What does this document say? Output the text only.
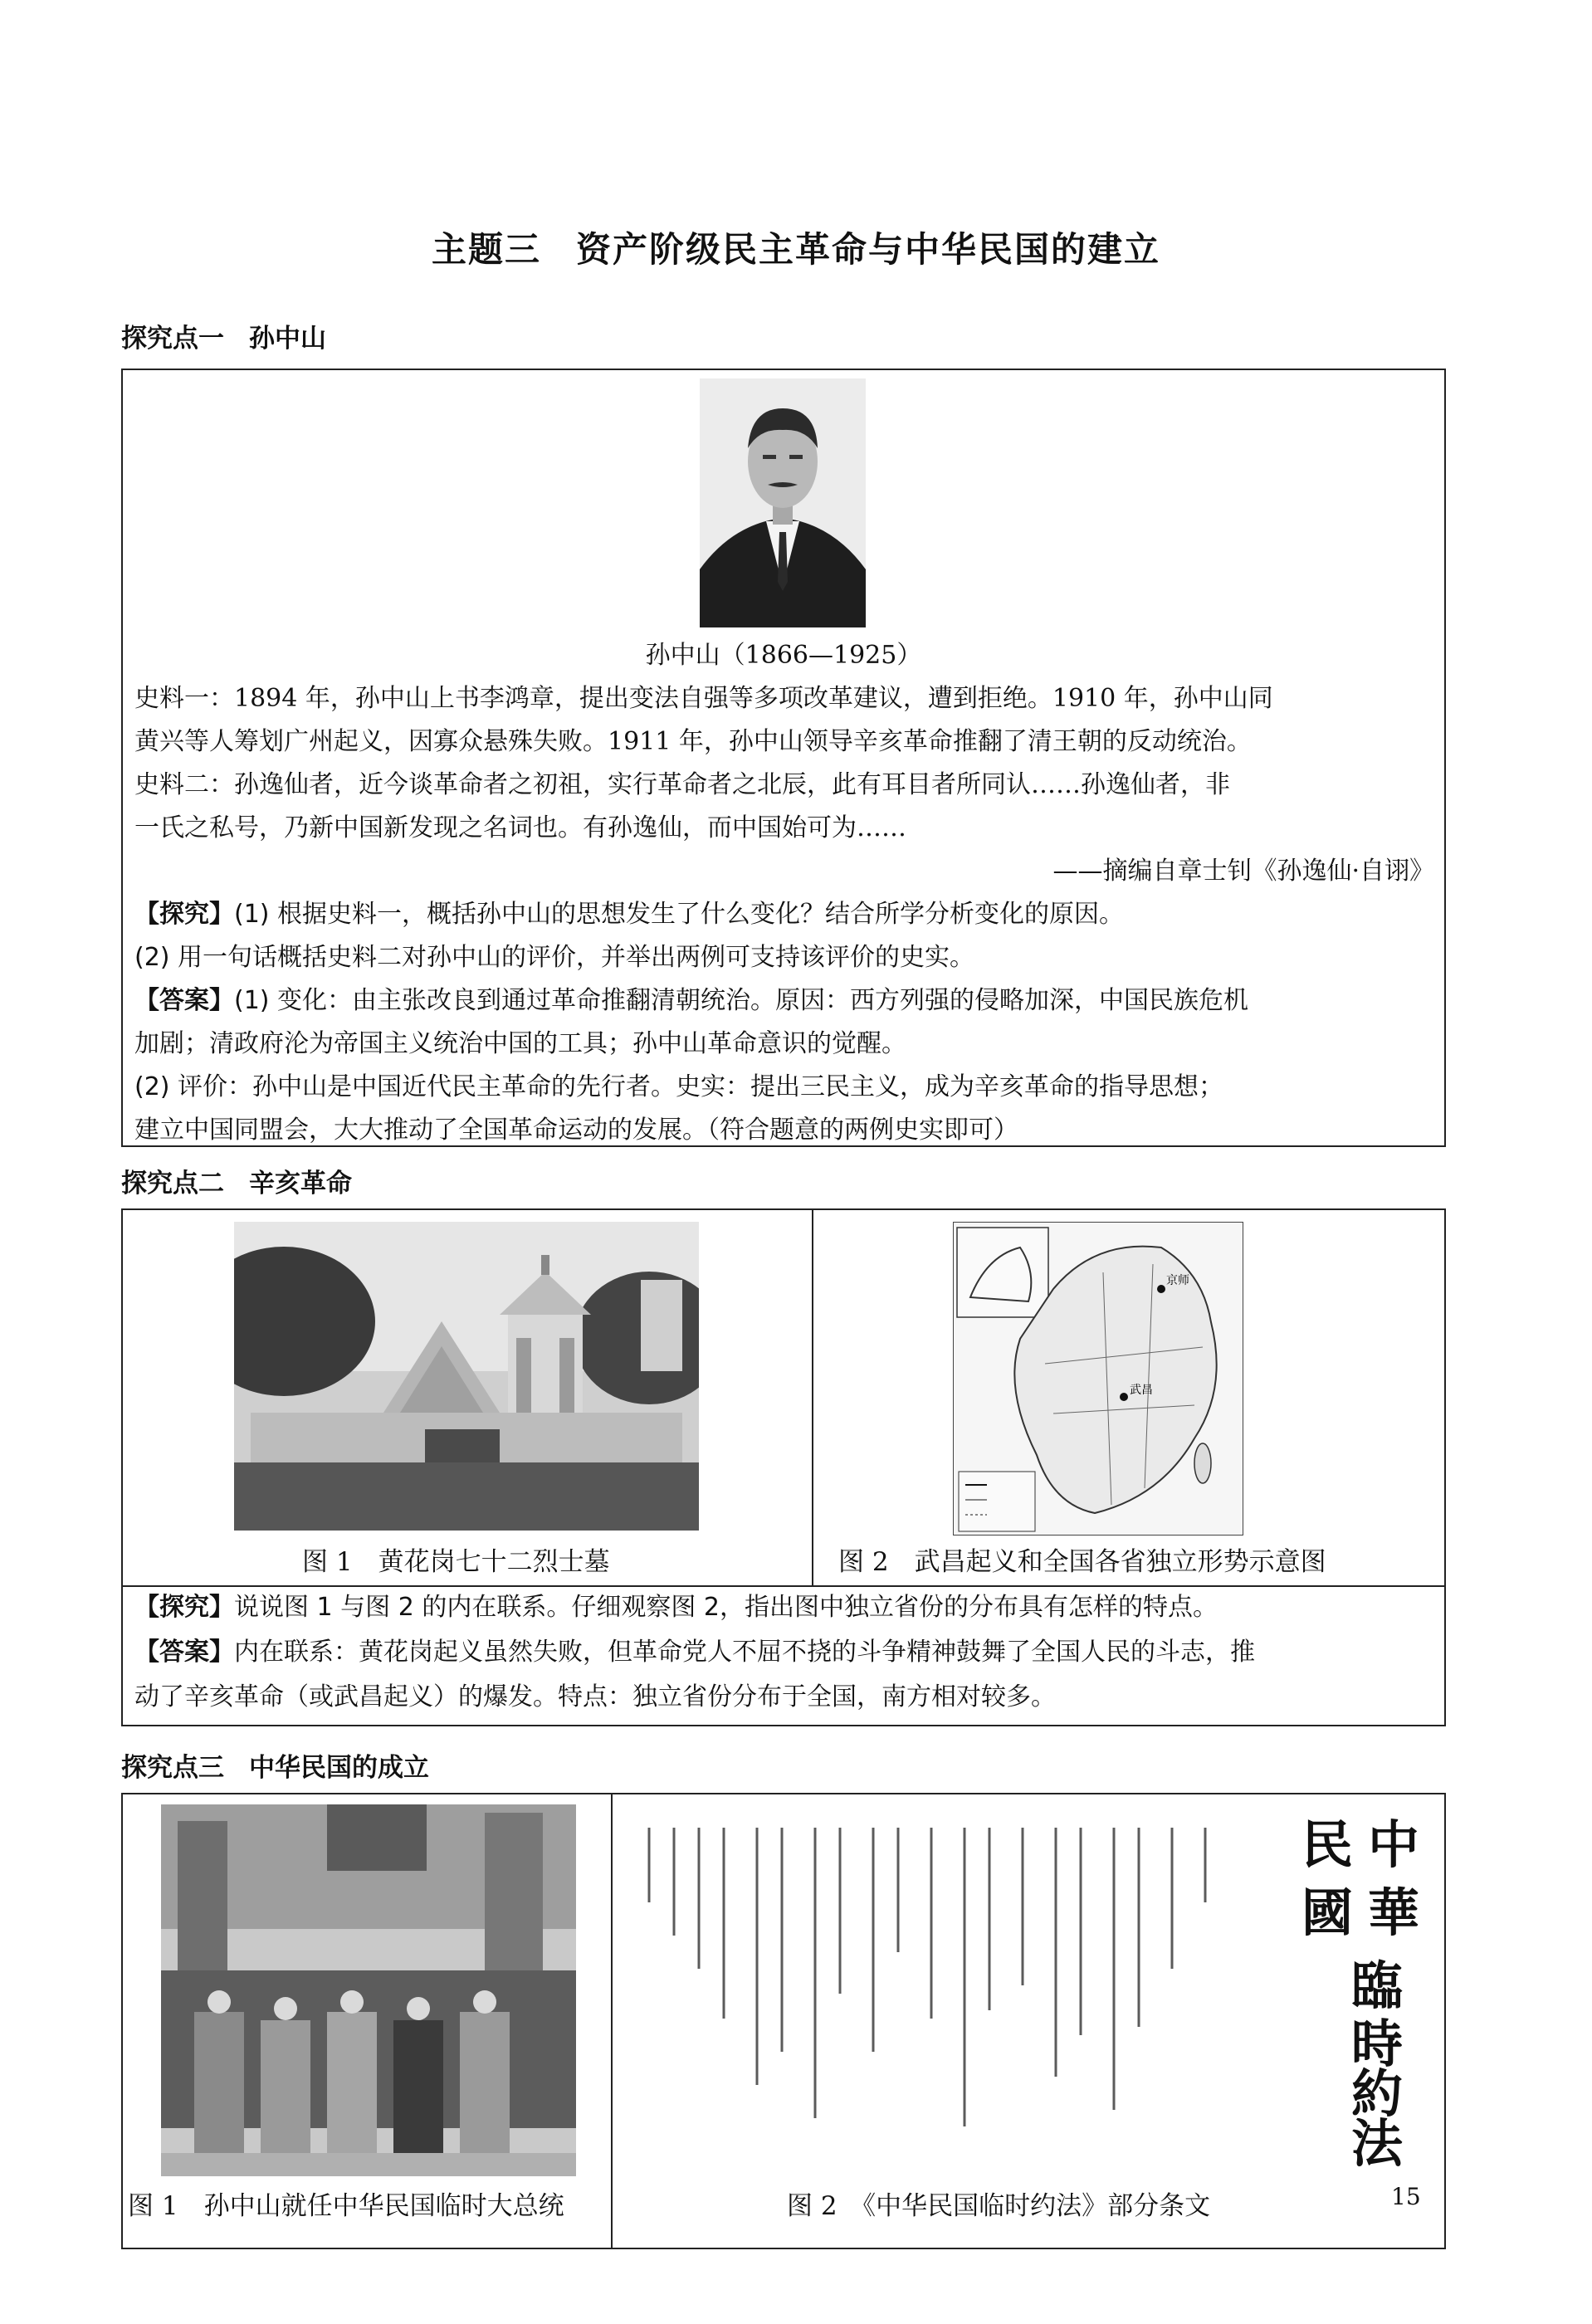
主题三 资产阶级民主革命与中华民国的建立
探究点一 孙中山
孙中山（1866—1925）
史料一：1894 年，孙中山上书李鸿章，提出变法自强等多项改革建议，遭到拒绝。1910 年，孙中山同
黄兴等人筹划广州起义，因寡众悬殊失败。1911 年，孙中山领导辛亥革命推翻了清王朝的反动统治。
史料二：孙逸仙者，近今谈革命者之初祖，实行革命者之北辰，此有耳目者所同认……孙逸仙者，非
一氏之私号，乃新中国新发现之名词也。有孙逸仙，而中国始可为……
——摘编自章士钊《孙逸仙·自诩》
【探究】(1) 根据史料一，概括孙中山的思想发生了什么变化？结合所学分析变化的原因。
(2) 用一句话概括史料二对孙中山的评价，并举出两例可支持该评价的史实。
【答案】(1) 变化：由主张改良到通过革命推翻清朝统治。原因：西方列强的侵略加深，中国民族危机
加剧；清政府沦为帝国主义统治中国的工具；孙中山革命意识的觉醒。
(2) 评价：孙中山是中国近代民主革命的先行者。史实：提出三民主义，成为辛亥革命的指导思想；
建立中国同盟会，大大推动了全国革命运动的发展。（符合题意的两例史实即可）
探究点二 辛亥革命
图 1　黄花岗七十二烈士墓
京师
武昌
图 2　武昌起义和全国各省独立形势示意图
【探究】说说图 1 与图 2 的内在联系。仔细观察图 2，指出图中独立省份的分布具有怎样的特点。
【答案】内在联系：黄花岗起义虽然失败，但革命党人不屈不挠的斗争精神鼓舞了全国人民的斗志，推
动了辛亥革命（或武昌起义）的爆发。特点：独立省份分布于全国，南方相对较多。
探究点三 中华民国的成立
图 1　孙中山就任中华民国临时大总统
中
華
民
國
臨
時
約
法
图 2　《中华民国临时约法》部分条文	15
